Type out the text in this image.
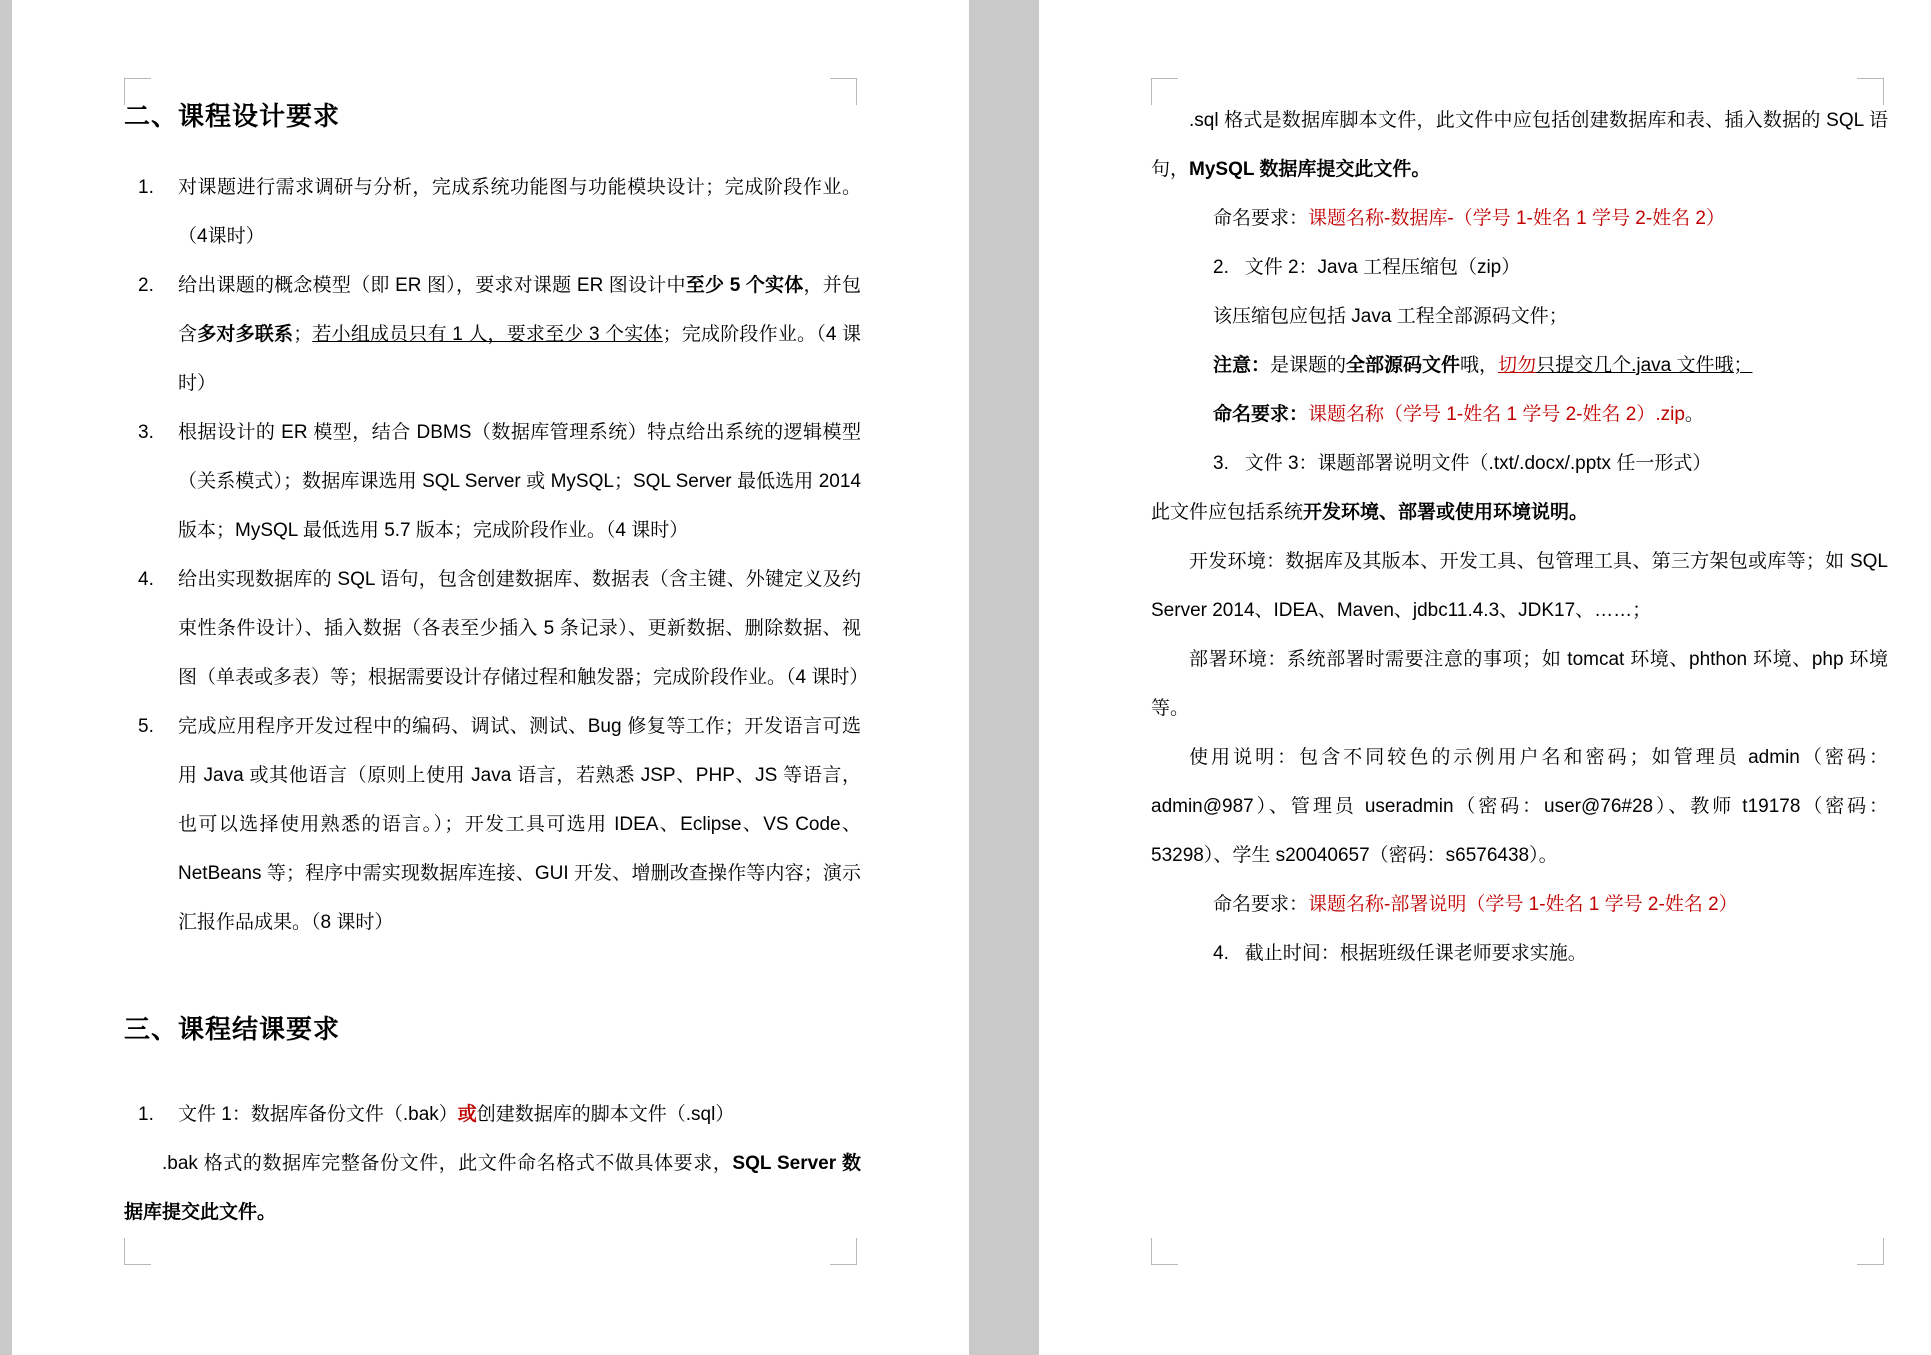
二、课程设计要求
对课题进行需求调研与分析，完成系统功能图与功能模块设计；完成阶段作业。（4课时）
给出课题的概念模型（即 ER 图），要求对课题 ER 图设计中至少 5 个实体，并包含多对多联系；若小组成员只有 1 人，要求至少 3 个实体；完成阶段作业。（4 课时）
根据设计的 ER 模型，结合 DBMS（数据库管理系统）特点给出系统的逻辑模型（关系模式）；数据库课选用 SQL Server 或 MySQL；SQL Server 最低选用 2014 版本；MySQL 最低选用 5.7 版本；完成阶段作业。（4 课时）
给出实现数据库的 SQL 语句，包含创建数据库、数据表（含主键、外键定义及约束性条件设计）、插入数据（各表至少插入 5 条记录）、更新数据、删除数据、视图（单表或多表）等；根据需要设计存储过程和触发器；完成阶段作业。（4 课时）
完成应用程序开发过程中的编码、调试、测试、Bug 修复等工作；开发语言可选用 Java 或其他语言（原则上使用 Java 语言，若熟悉 JSP、PHP、JS 等语言，也可以选择使用熟悉的语言。）；开发工具可选用 IDEA、Eclipse、VS Code、NetBeans 等；程序中需实现数据库连接、GUI 开发、增删改查操作等内容；演示汇报作品成果。（8 课时）
三、课程结课要求
文件 1：数据库备份文件（.bak）或创建数据库的脚本文件（.sql）

.bak 格式的数据库完整备份文件，此文件命名格式不做具体要求，SQL Server 数据库提交此文件。

.sql 格式是数据库脚本文件，此文件中应包括创建数据库和表、插入数据的 SQL 语句，MySQL 数据库提交此文件。

命名要求：课题名称-数据库-（学号 1-姓名 1 学号 2-姓名 2）

2. 文件 2：Java 工程压缩包（zip）

该压缩包应包括 Java 工程全部源码文件；

注意：是课题的全部源码文件哦，切勿只提交几个.java 文件哦；

命名要求：课题名称（学号 1-姓名 1 学号 2-姓名 2）.zip。

3. 文件 3：课题部署说明文件（.txt/.docx/.pptx 任一形式）

此文件应包括系统开发环境、部署或使用环境说明。

开发环境：数据库及其版本、开发工具、包管理工具、第三方架包或库等；如 SQL Server 2014、IDEA、Maven、jdbc11.4.3、JDK17、……；

部署环境：系统部署时需要注意的事项；如 tomcat 环境、phthon 环境、php 环境等。

使用说明：包含不同较色的示例用户名和密码；如管理员 admin（密码：admin@987）、管理员 useradmin（密码：user@76#28）、教师 t19178（密码：53298）、学生 s20040657（密码：s6576438）。

命名要求：课题名称-部署说明（学号 1-姓名 1 学号 2-姓名 2）

4. 截止时间：根据班级任课老师要求实施。
